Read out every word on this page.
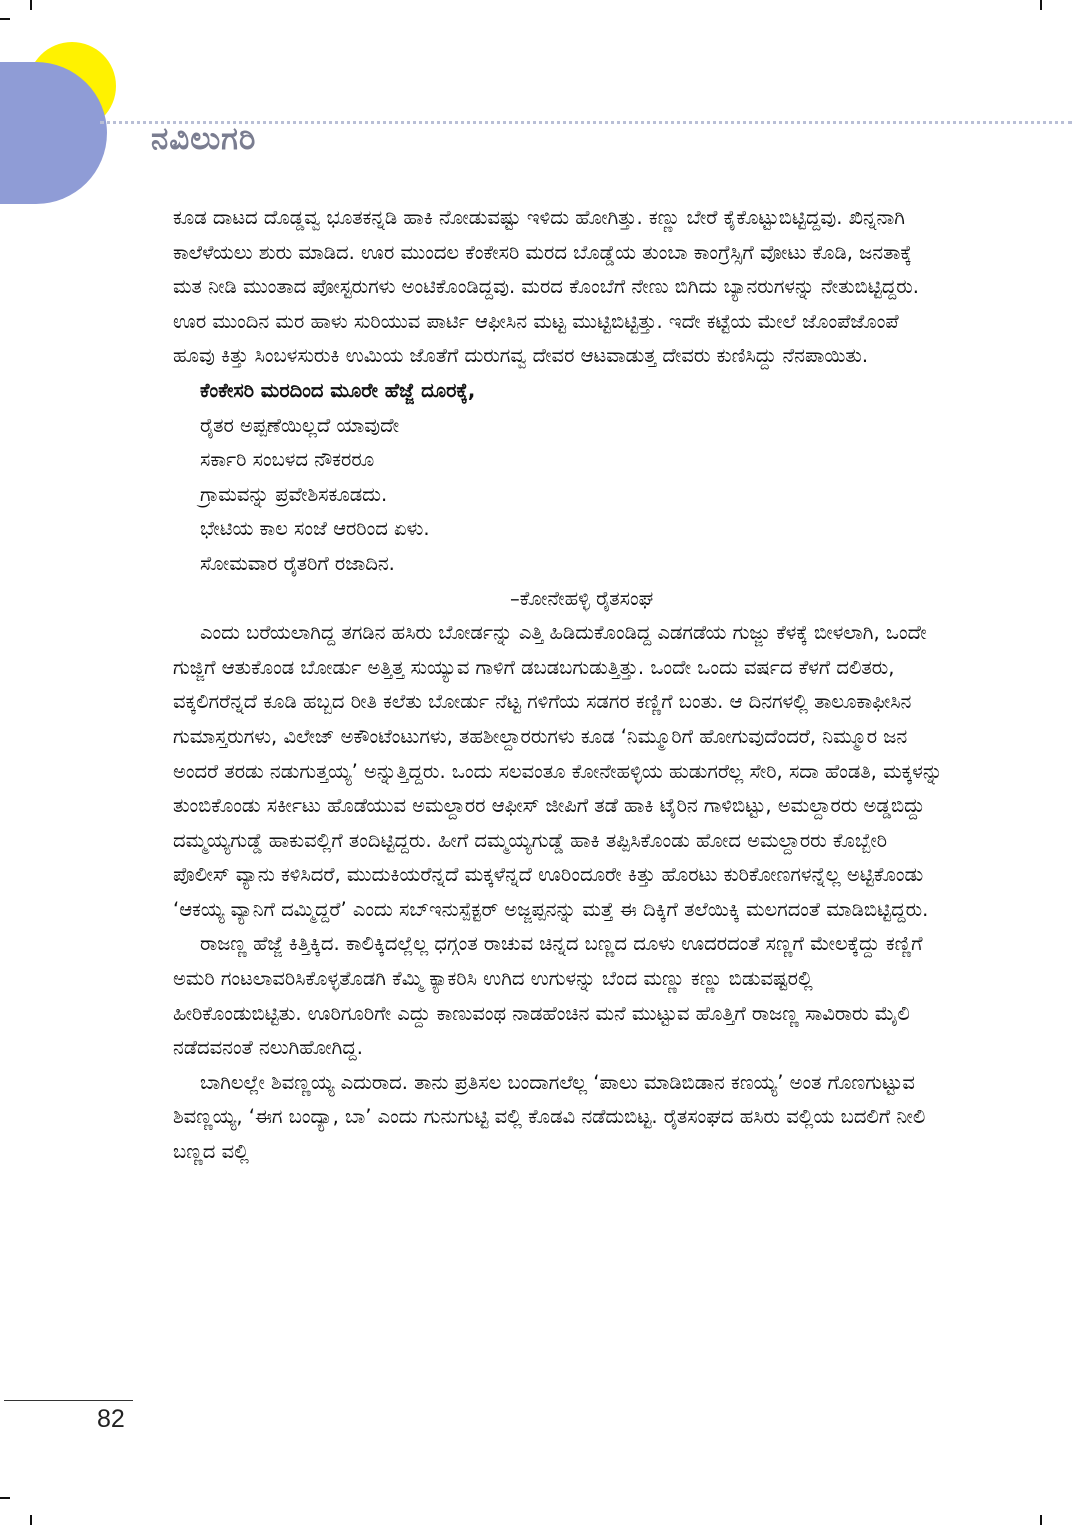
ನವಿಲುಗರಿ

ಕೂಡ ದಾಟದ ದೊಡ್ಡವ್ವ ಭೂತಕನ್ನಡಿ ಹಾಕಿ ನೋಡುವಷ್ಟು ಇಳಿದು ಹೋಗಿತ್ತು. ಕಣ್ಣು ಬೇರೆ ಕೈಕೊಟ್ಟುಬಿಟ್ಟಿದ್ದವು. ಖಿನ್ನನಾಗಿ ಕಾಲೆಳೆಯಲು ಶುರು ಮಾಡಿದ. ಊರ ಮುಂದಲ ಕೆಂಕೇಸರಿ ಮರದ ಬೊಡ್ಡೆಯ ತುಂಬಾ ಕಾಂಗ್ರೆಸ್ಸಿಗೆ ವೋಟು ಕೊಡಿ, ಜನತಾಕ್ಕೆ ಮತ ನೀಡಿ ಮುಂತಾದ ಪೋಸ್ಟರುಗಳು ಅಂಟಿಕೊಂಡಿದ್ದವು. ಮರದ ಕೊಂಬೆಗೆ ನೇಣು ಬಿಗಿದು ಬ್ಯಾನರುಗಳನ್ನು ನೇತುಬಿಟ್ಟಿದ್ದರು. ಊರ ಮುಂದಿನ ಮರ ಹಾಳು ಸುರಿಯುವ ಪಾರ್ಟಿ ಆಫೀಸಿನ ಮಟ್ಟ ಮುಟ್ಟಿಬಿಟ್ಟಿತ್ತು. ಇದೇ ಕಟ್ಟೆಯ ಮೇಲೆ ಜೊಂಪೆಜೊಂಪೆ ಹೂವು ಕಿತ್ತು ಸಿಂಬಳಸುರುಕಿ ಉಮಿಯ ಜೊತೆಗೆ ದುರುಗವ್ವ ದೇವರ ಆಟವಾಡುತ್ತ ದೇವರು ಕುಣಿಸಿದ್ದು ನೆನಪಾಯಿತು.

ಕೆಂಕೇಸರಿ ಮರದಿಂದ ಮೂರೇ ಹೆಜ್ಜೆ ದೂರಕ್ಕೆ,
ರೈತರ ಅಪ್ಪಣೆಯಿಲ್ಲದೆ ಯಾವುದೇ
ಸರ್ಕಾರಿ ಸಂಬಳದ ನೌಕರರೂ
ಗ್ರಾಮವನ್ನು ಪ್ರವೇಶಿಸಕೂಡದು.
ಭೇಟಿಯ ಕಾಲ ಸಂಜೆ ಆರರಿಂದ ಏಳು.
ಸೋಮವಾರ ರೈತರಿಗೆ ರಜಾದಿನ.
–ಕೋನೇಹಳ್ಳಿ ರೈತಸಂಘ

ಎಂದು ಬರೆಯಲಾಗಿದ್ದ ತಗಡಿನ ಹಸಿರು ಬೋರ್ಡನ್ನು ಎತ್ತಿ ಹಿಡಿದುಕೊಂಡಿದ್ದ ಎಡಗಡೆಯ ಗುಜ್ಜು ಕೆಳಕ್ಕೆ ಬೀಳಲಾಗಿ, ಒಂದೇ ಗುಜ್ಜಿಗೆ ಆತುಕೊಂಡ ಬೋರ್ಡು ಅತ್ತಿತ್ತ ಸುಯ್ಯುವ ಗಾಳಿಗೆ ಡಬಡಬಗುಡುತ್ತಿತ್ತು. ಒಂದೇ ಒಂದು ವರ್ಷದ ಕೆಳಗೆ ದಲಿತರು, ವಕ್ಕಲಿಗರೆನ್ನದೆ ಕೂಡಿ ಹಬ್ಬದ ರೀತಿ ಕಲೆತು ಬೋರ್ಡು ನೆಟ್ಟ ಗಳಿಗೆಯ ಸಡಗರ ಕಣ್ಣಿಗೆ ಬಂತು. ಆ ದಿನಗಳಲ್ಲಿ ತಾಲೂಕಾಫೀಸಿನ ಗುಮಾಸ್ತರುಗಳು, ವಿಲೇಜ್ ಅಕೌಂಟೆಂಟುಗಳು, ತಹಶೀಲ್ದಾರರುಗಳು ಕೂಡ ‘ನಿಮ್ಮೂರಿಗೆ ಹೋಗುವುದೆಂದರೆ, ನಿಮ್ಮೂರ ಜನ ಅಂದರೆ ತರಡು ನಡುಗುತ್ತಯ್ಯ’ ಅನ್ನುತ್ತಿದ್ದರು. ಒಂದು ಸಲವಂತೂ ಕೋನೇಹಳ್ಳಿಯ ಹುಡುಗರೆಲ್ಲ ಸೇರಿ, ಸದಾ ಹೆಂಡತಿ, ಮಕ್ಕಳನ್ನು ತುಂಬಿಕೊಂಡು ಸರ್ಕೀಟು ಹೊಡೆಯುವ ಅಮಲ್ದಾರರ ಆಫೀಸ್ ಜೀಪಿಗೆ ತಡೆ ಹಾಕಿ ಟೈರಿನ ಗಾಳಿಬಿಟ್ಟು, ಅಮಲ್ದಾರರು ಅಡ್ಡಬಿದ್ದು ದಮ್ಮಯ್ಯಗುಡ್ಡೆ ಹಾಕುವಲ್ಲಿಗೆ ತಂದಿಟ್ಟಿದ್ದರು. ಹೀಗೆ ದಮ್ಮಯ್ಯಗುಡ್ಡೆ ಹಾಕಿ ತಪ್ಪಿಸಿಕೊಂಡು ಹೋದ ಅಮಲ್ದಾರರು ಕೊಬ್ಬೇರಿ ಪೊಲೀಸ್ ವ್ಯಾನು ಕಳಿಸಿದರೆ, ಮುದುಕಿಯರೆನ್ನದೆ ಮಕ್ಕಳೆನ್ನದೆ ಊರಿಂದೂರೇ ಕಿತ್ತು ಹೊರಟು ಕುರಿಕೋಣಗಳನ್ನೆಲ್ಲ ಅಟ್ಟಿಕೊಂಡು ‘ಆಕಯ್ಯ ವ್ಯಾನಿಗೆ ದಮ್ಮಿದ್ದರೆ’ ಎಂದು ಸಬ್‌ಇನುಸ್ಪೆಕ್ಟರ್ ಅಜ್ಜಪ್ಪನನ್ನು ಮತ್ತೆ ಈ ದಿಕ್ಕಿಗೆ ತಲೆಯಿಕ್ಕಿ ಮಲಗದಂತೆ ಮಾಡಿಬಿಟ್ಟಿದ್ದರು.

ರಾಜಣ್ಣ ಹೆಜ್ಜೆ ಕಿತ್ತಿಕ್ಕಿದ. ಕಾಲಿಕ್ಕಿದಲ್ಲೆಲ್ಲ ಧಗ್ಗಂತ ರಾಚುವ ಚಿನ್ನದ ಬಣ್ಣದ ದೂಳು ಊದರದಂತೆ ಸಣ್ಣಗೆ ಮೇಲಕ್ಕೆದ್ದು ಕಣ್ಣಿಗೆ ಅಮರಿ ಗಂಟಲಾವರಿಸಿಕೊಳ್ಳತೊಡಗಿ ಕೆಮ್ಮಿ ಕ್ಯಾಕರಿಸಿ ಉಗಿದ ಉಗುಳನ್ನು ಬೆಂದ ಮಣ್ಣು ಕಣ್ಣು ಬಿಡುವಷ್ಟರಲ್ಲಿ ಹೀರಿಕೊಂಡುಬಿಟ್ಟಿತು. ಊರಿಗೂರಿಗೇ ಎದ್ದು ಕಾಣುವಂಥ ನಾಡಹೆಂಚಿನ ಮನೆ ಮುಟ್ಟುವ ಹೊತ್ತಿಗೆ ರಾಜಣ್ಣ ಸಾವಿರಾರು ಮೈಲಿ ನಡೆದವನಂತೆ ನಲುಗಿಹೋಗಿದ್ದ.

ಬಾಗಿಲಲ್ಲೇ ಶಿವಣ್ಣಯ್ಯ ಎದುರಾದ. ತಾನು ಪ್ರತಿಸಲ ಬಂದಾಗಲೆಲ್ಲ ‘ಪಾಲು ಮಾಡಿಬಿಡಾನ ಕಣಯ್ಯ’ ಅಂತ ಗೊಣಗುಟ್ಟುವ ಶಿವಣ್ಣಯ್ಯ, ‘ಈಗ ಬಂದ್ಯಾ, ಬಾ’ ಎಂದು ಗುನುಗುಟ್ಟಿ ವಲ್ಲಿ ಕೊಡವಿ ನಡೆದುಬಿಟ್ಟ. ರೈತಸಂಘದ ಹಸಿರು ವಲ್ಲಿಯ ಬದಲಿಗೆ ನೀಲಿ ಬಣ್ಣದ ವಲ್ಲಿ

82
